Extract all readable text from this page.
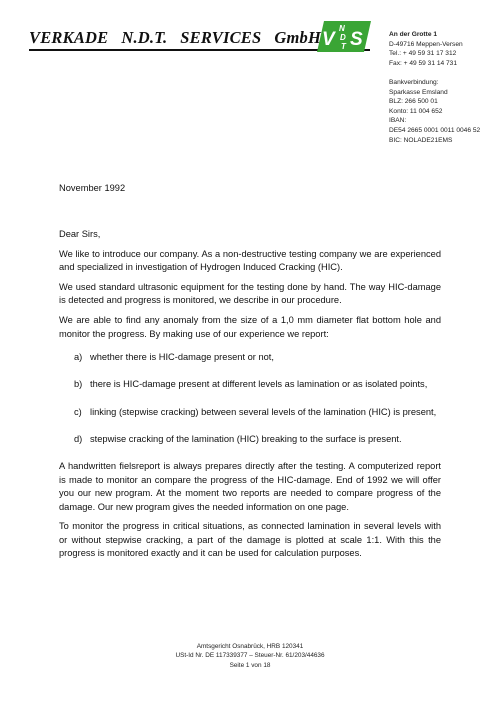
VERKADE   N.D.T.   SERVICES   GmbH V
N
D
T S	An der Grotte 1
D-49716 Meppen-Versen
Tel.: + 49 59 31 17 312
Fax: + 49 59 31 14 731
Bankverbindung:
Sparkasse Emsland
BLZ: 266 500 01
Konto: 11 004 652
IBAN:
DE54 2665 0001 0011 0046 52
BIC: NOLADE21EMS
November 1992

Dear Sirs,

We like to introduce our company. As a non-destructive testing company we are experienced and specialized in investigation of Hydrogen Induced Cracking (HIC).

We used standard ultrasonic equipment for the testing done by hand. The way HIC-damage is detected and progress is monitored, we describe in our procedure.

We are able to find any anomaly from the size of a 1,0 mm diameter flat bottom hole and monitor the progress. By making use of our experience we report:

a) whether there is HIC-damage present or not,
b) there is HIC-damage present at different levels as lamination or as isolated points,
c) linking (stepwise cracking) between several levels of the lamination (HIC) is present,
d) stepwise cracking of the lamination (HIC) breaking to the surface is present.

A handwritten fielsreport is always prepares directly after the testing. A computerized report is made to monitor an compare the progress of the HIC-damage. End of 1992 we will offer you our new program. At the moment two reports are needed to compare progress of the damage. Our new program gives the needed information on one page.

To monitor the progress in critical situations, as connected lamination in several levels with or without stepwise cracking, a part of the damage is plotted at scale 1:1. With this the progress is monitored exactly and it can be used for calculation purposes.

Amtsgericht Osnabrück, HRB 120341
USt-Id Nr. DE 117339377 – Steuer-Nr. 61/203/44636
Seite 1 von 18
